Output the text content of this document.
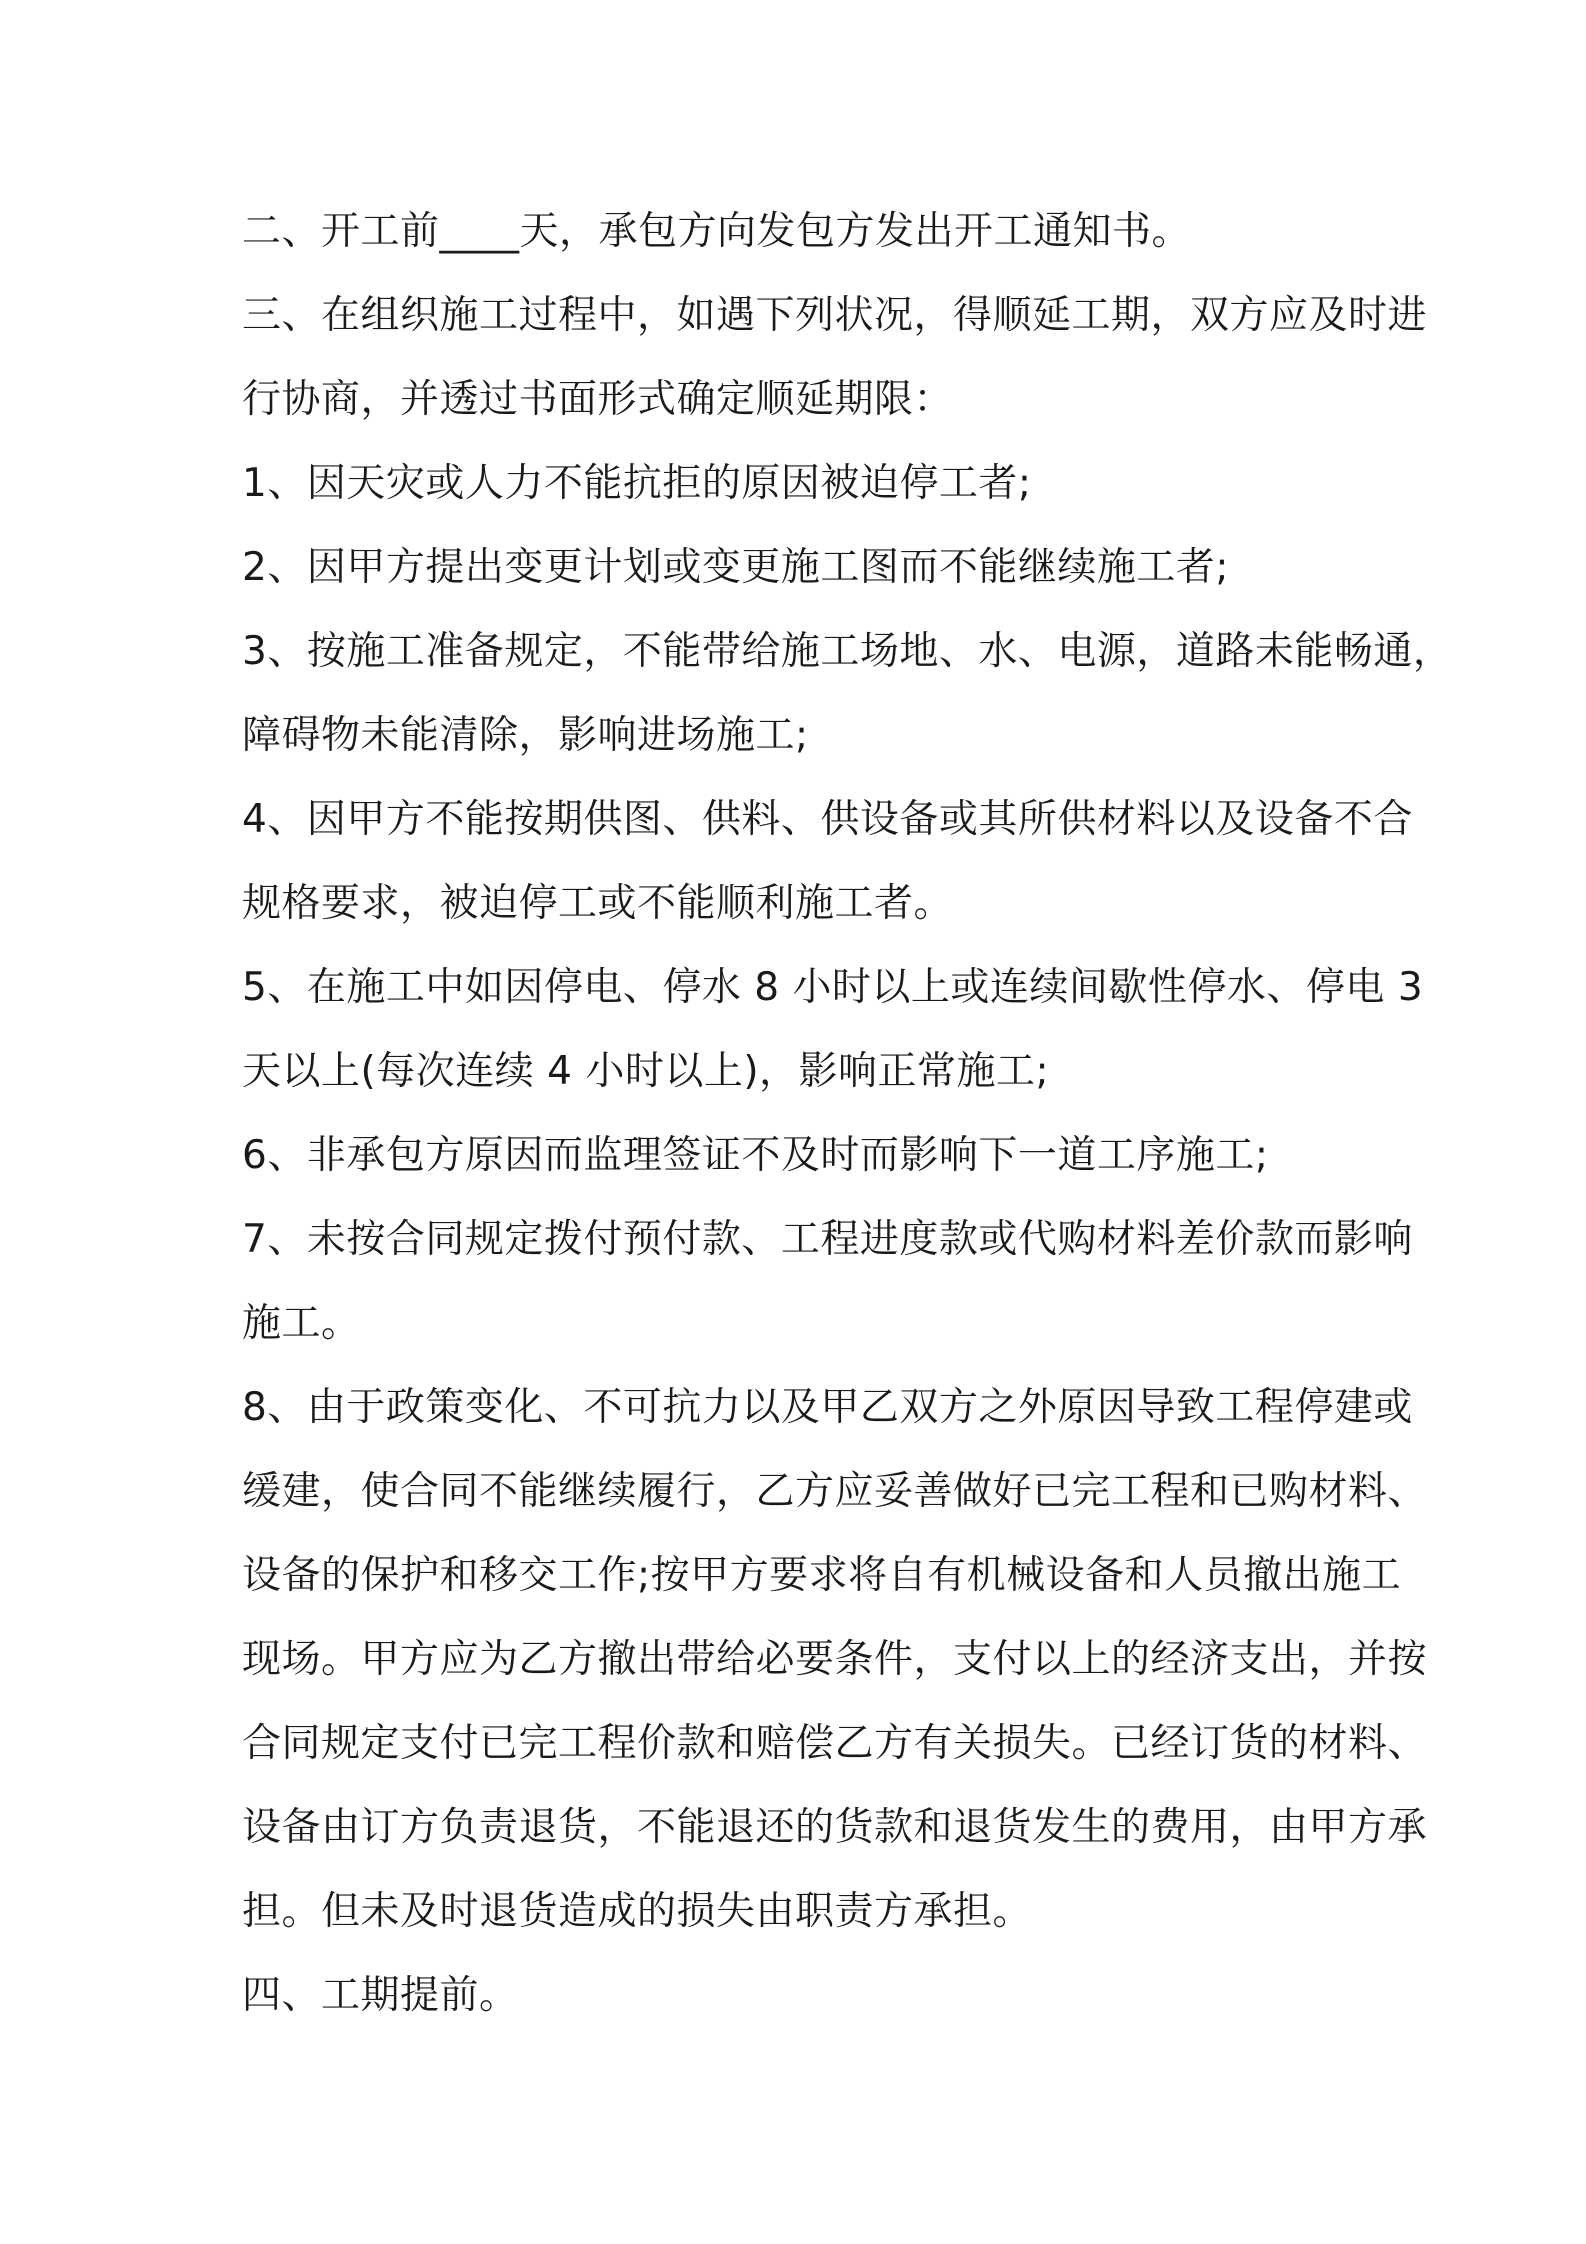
二、开工前____天，承包方向发包方发出开工通知书。
三、在组织施工过程中，如遇下列状况，得顺延工期，双方应及时进
行协商，并透过书面形式确定顺延期限：
1、因天灾或人力不能抗拒的原因被迫停工者;
2、因甲方提出变更计划或变更施工图而不能继续施工者;
3、按施工准备规定，不能带给施工场地、水、电源，道路未能畅通，
障碍物未能清除，影响进场施工;
4、因甲方不能按期供图、供料、供设备或其所供材料以及设备不合
规格要求，被迫停工或不能顺利施工者。
5、在施工中如因停电、停水 8 小时以上或连续间歇性停水、停电 3
天以上(每次连续 4 小时以上)，影响正常施工;
6、非承包方原因而监理签证不及时而影响下一道工序施工;
7、未按合同规定拨付预付款、工程进度款或代购材料差价款而影响
施工。
8、由于政策变化、不可抗力以及甲乙双方之外原因导致工程停建或
缓建，使合同不能继续履行，乙方应妥善做好已完工程和已购材料、
设备的保护和移交工作;按甲方要求将自有机械设备和人员撤出施工
现场。甲方应为乙方撤出带给必要条件，支付以上的经济支出，并按
合同规定支付已完工程价款和赔偿乙方有关损失。已经订货的材料、
设备由订方负责退货，不能退还的货款和退货发生的费用，由甲方承
担。但未及时退货造成的损失由职责方承担。
四、工期提前。
